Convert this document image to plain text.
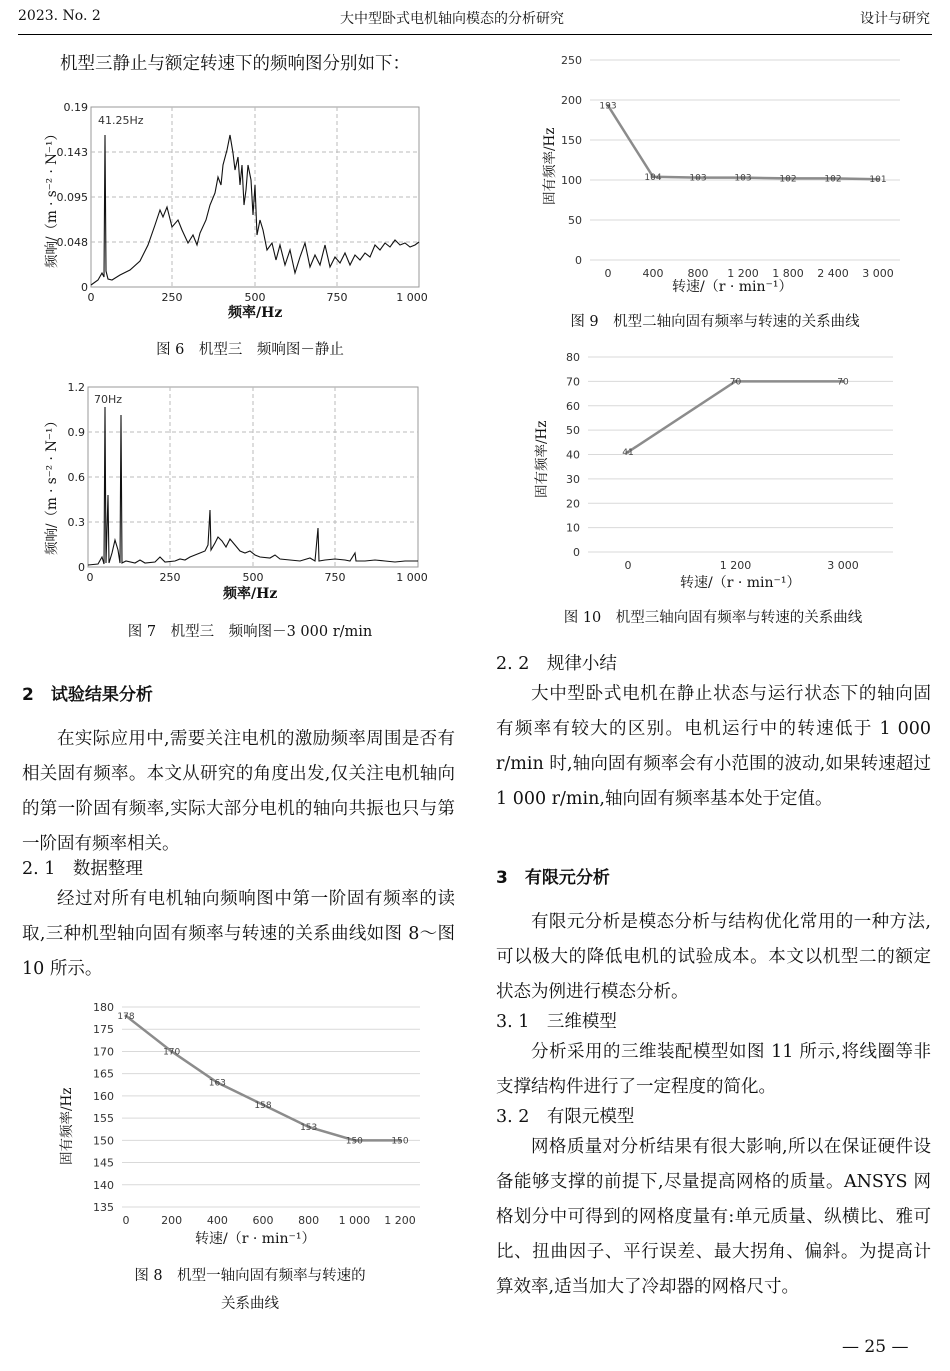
2023. No. 2	大中型卧式电机轴向模态的分析研究	设计与研究
机型三静止与额定转速下的频响图分别如下：
频响/（m · s⁻² · N⁻¹）
41.25Hz
0.19
0.143
0.095
0.048
0
0	250	500	750	1 000
频率/Hz
图 6　机型三　频响图－静止
频响/（m · s⁻² · N⁻¹）
70Hz
1.2
0.9
0.6
0.3
0
0	250	500	750	1 000
频率/Hz
图 7　机型三　频响图－3 000 r/min
2　试验结果分析
在实际应用中,需要关注电机的激励频率周围是否有相关固有频率。本文从研究的角度出发,仅关注电机轴向的第一阶固有频率,实际大部分电机的轴向共振也只与第一阶固有频率相关。
2. 1　数据整理
经过对所有电机轴向频响图中第一阶固有频率的读取,三种机型轴向固有频率与转速的关系曲线如图 8～图 10 所示。
固有频率/Hz
180
175
170
165
160
155
150
145
140
135
0	200 400 600 800 1 000 1 200
178
170
163
158
153
150	150
转速/（r · min⁻¹）
图 8　机型一轴向固有频率与转速的
关系曲线
固有频率/Hz
250
200
150
100
50
0
0	400 800 1 200 1 800 2 400 3 000
193
104	103	103	102	102	101
转速/（r · min⁻¹）
图 9　机型二轴向固有频率与转速的关系曲线
固有频率/Hz
80
70
60
50
40
30
20
10
0
0	1 200	3 000
41
70	70
转速/（r · min⁻¹）
图 10　机型三轴向固有频率与转速的关系曲线
2. 2　规律小结
大中型卧式电机在静止状态与运行状态下的轴向固有频率有较大的区别。电机运行中的转速低于 1 000 r/min 时,轴向固有频率会有小范围的波动,如果转速超过 1 000 r/min,轴向固有频率基本处于定值。
3　有限元分析
有限元分析是模态分析与结构优化常用的一种方法,可以极大的降低电机的试验成本。本文以机型二的额定状态为例进行模态分析。
3. 1　三维模型
分析采用的三维装配模型如图 11 所示,将线圈等非支撑结构件进行了一定程度的简化。
3. 2　有限元模型
网格质量对分析结果有很大影响,所以在保证硬件设备能够支撑的前提下,尽量提高网格的质量。ANSYS 网格划分中可得到的网格度量有:单元质量、纵横比、雅可比、扭曲因子、平行误差、最大拐角、偏斜。为提高计算效率,适当加大了冷却器的网格尺寸。
— 25 —
